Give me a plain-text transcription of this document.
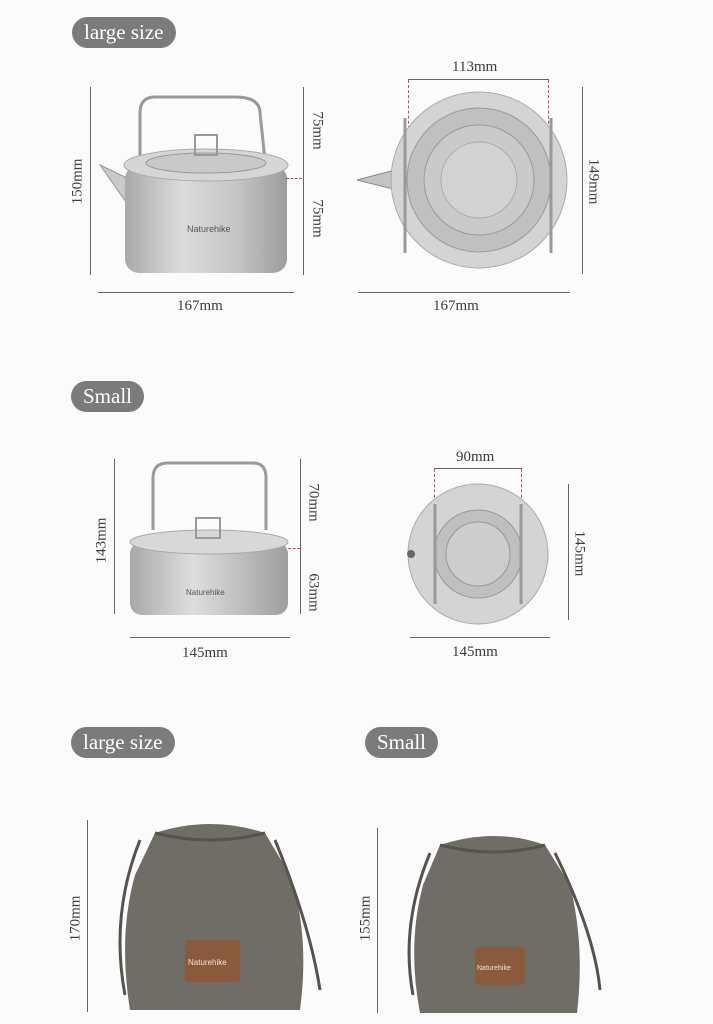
large size
Naturehike
150mm
75mm
75mm
167mm
113mm
149mm
167mm
Small
143mm
Naturehike
70mm
63mm
145mm
90mm
145mm
145mm
large size	Small
170mm
Naturehike
155mm
Naturehike
